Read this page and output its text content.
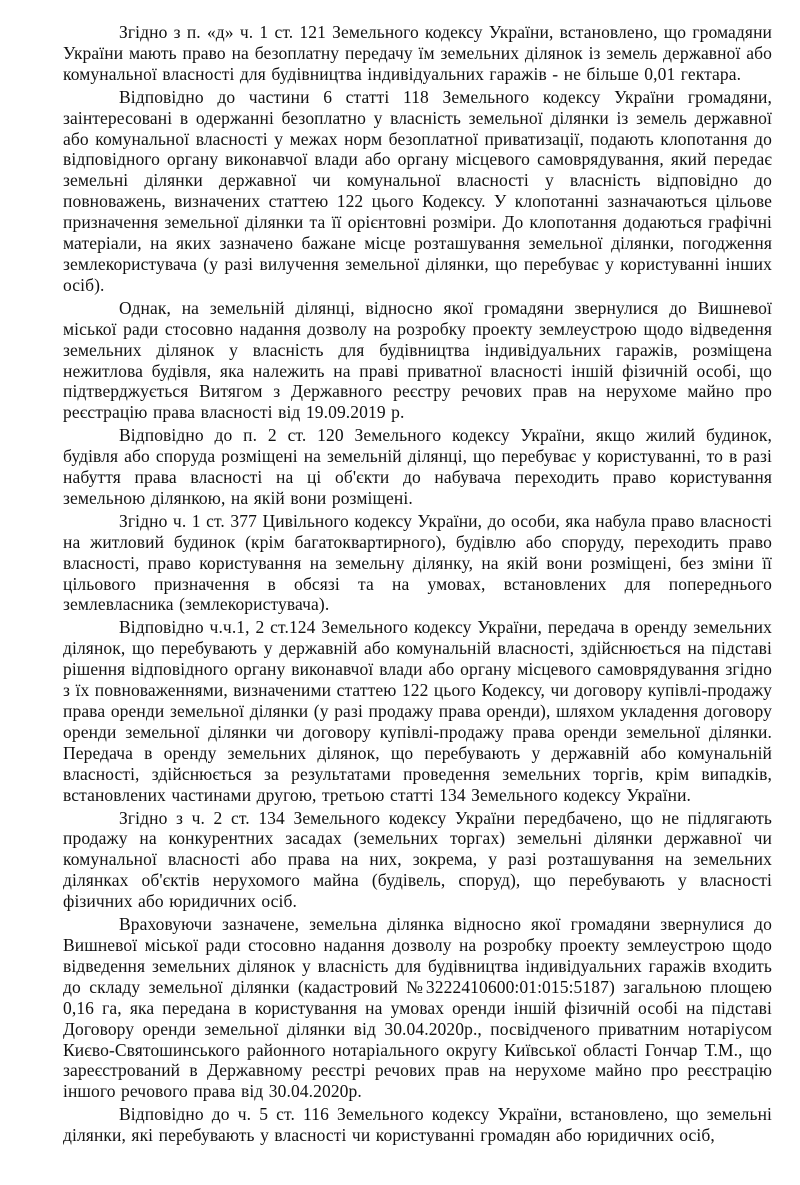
Згідно з п. «д» ч. 1 ст. 121 Земельного кодексу України, встановлено, що громадяни України мають право на безоплатну передачу їм земельних ділянок із земель державної або комунальної власності для будівництва індивідуальних гаражів - не більше 0,01 гектара.

Відповідно до частини 6 статті 118 Земельного кодексу України громадяни, заінтересовані в одержанні безоплатно у власність земельної ділянки із земель державної або комунальної власності у межах норм безоплатної приватизації, подають клопотання до відповідного органу виконавчої влади або органу місцевого самоврядування, який передає земельні ділянки державної чи комунальної власності у власність відповідно до повноважень, визначених статтею 122 цього Кодексу. У клопотанні зазначаються цільове призначення земельної ділянки та її орієнтовні розміри. До клопотання додаються графічні матеріали, на яких зазначено бажане місце розташування земельної ділянки, погодження землекористувача (у разі вилучення земельної ділянки, що перебуває у користуванні інших осіб).

Однак, на земельній ділянці, відносно якої громадяни звернулися до Вишневої міської ради стосовно надання дозволу на розробку проекту землеустрою щодо відведення земельних ділянок у власність для будівництва індивідуальних гаражів, розміщена нежитлова будівля, яка належить на праві приватної власності іншій фізичній особі, що підтверджується Витягом з Державного реєстру речових прав на нерухоме майно про реєстрацію права власності від 19.09.2019 р.

Відповідно до п. 2 ст. 120 Земельного кодексу України, якщо жилий будинок, будівля або споруда розміщені на земельній ділянці, що перебуває у користуванні, то в разі набуття права власності на ці об'єкти до набувача переходить право користування земельною ділянкою, на якій вони розміщені.

Згідно ч. 1 ст. 377 Цивільного кодексу України, до особи, яка набула право власності на житловий будинок (крім багатоквартирного), будівлю або споруду, переходить право власності, право користування на земельну ділянку, на якій вони розміщені, без зміни її цільового призначення в обсязі та на умовах, встановлених для попереднього землевласника (землекористувача).

Відповідно ч.ч.1, 2 ст.124 Земельного кодексу України, передача в оренду земельних ділянок, що перебувають у державній або комунальній власності, здійснюється на підставі рішення відповідного органу виконавчої влади або органу місцевого самоврядування згідно з їх повноваженнями, визначеними статтею 122 цього Кодексу, чи договору купівлі-продажу права оренди земельної ділянки (у разі продажу права оренди), шляхом укладення договору оренди земельної ділянки чи договору купівлі-продажу права оренди земельної ділянки. Передача в оренду земельних ділянок, що перебувають у державній або комунальній власності, здійснюється за результатами проведення земельних торгів, крім випадків, встановлених частинами другою, третьою статті 134 Земельного кодексу України.

Згідно з ч. 2 ст. 134 Земельного кодексу України передбачено, що не підлягають продажу на конкурентних засадах (земельних торгах) земельні ділянки державної чи комунальної власності або права на них, зокрема, у разі розташування на земельних ділянках об'єктів нерухомого майна (будівель, споруд), що перебувають у власності фізичних або юридичних осіб.

Враховуючи зазначене, земельна ділянка відносно якої громадяни звернулися до Вишневої міської ради стосовно надання дозволу на розробку проекту землеустрою щодо відведення земельних ділянок у власність для будівництва індивідуальних гаражів входить до складу земельної ділянки (кадастровий №3222410600:01:015:5187) загальною площею 0,16 га, яка передана в користування на умовах оренди іншій фізичній особі на підставі Договору оренди земельної ділянки від 30.04.2020р., посвідченого приватним нотаріусом Києво-Святошинського районного нотаріального округу Київської області Гончар Т.М., що зареєстрований в Державному реєстрі речових прав на нерухоме майно про реєстрацію іншого речового права від 30.04.2020р.

Відповідно до ч. 5 ст. 116 Земельного кодексу України, встановлено, що земельні ділянки, які перебувають у власності чи користуванні громадян або юридичних осіб,
